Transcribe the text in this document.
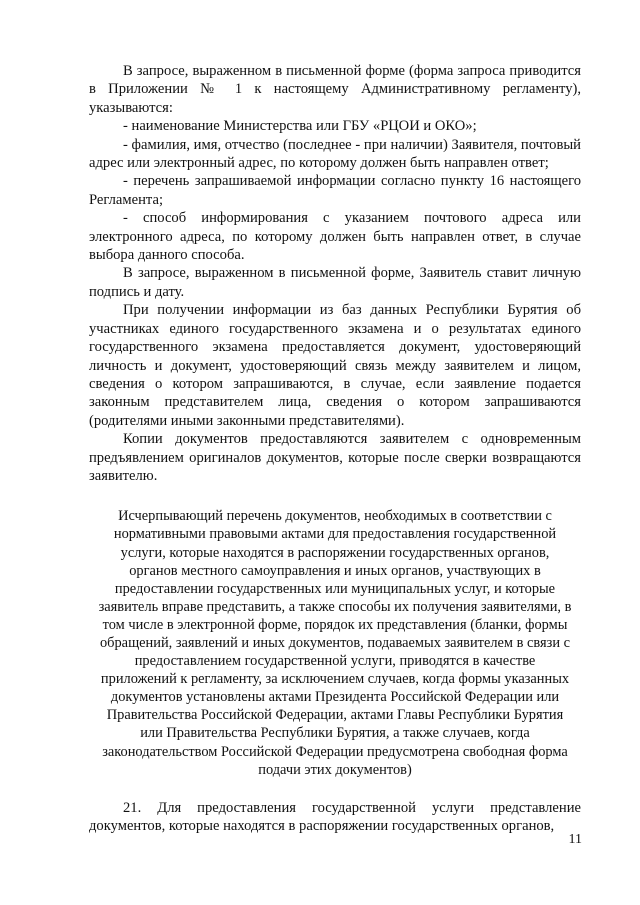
В запросе, выраженном в письменной форме (форма запроса приводится в Приложении № 1 к настоящему Административному регламенту), указываются:

- наименование Министерства или ГБУ «РЦОИ и ОКО»;

- фамилия, имя, отчество (последнее - при наличии) Заявителя, почтовый адрес или электронный адрес, по которому должен быть направлен ответ;

- перечень запрашиваемой информации согласно пункту 16 настоящего Регламента;

- способ информирования с указанием почтового адреса или электронного адреса, по которому должен быть направлен ответ, в случае выбора данного способа.

В запросе, выраженном в письменной форме, Заявитель ставит личную подпись и дату.

При получении информации из баз данных Республики Бурятия об участниках единого государственного экзамена и о результатах единого государственного экзамена предоставляется документ, удостоверяющий личность и документ, удостоверяющий связь между заявителем и лицом, сведения о котором запрашиваются, в случае, если заявление подается законным представителем лица, сведения о котором запрашиваются (родителями иными законными представителями).

Копии документов предоставляются заявителем с одновременным предъявлением оригиналов документов, которые после сверки возвращаются заявителю.

Исчерпывающий перечень документов, необходимых в соответствии с
нормативными правовыми актами для предоставления государственной
услуги, которые находятся в распоряжении государственных органов,
органов местного самоуправления и иных органов, участвующих в
предоставлении государственных или муниципальных услуг, и которые
заявитель вправе представить, а также способы их получения заявителями, в
том числе в электронной форме, порядок их представления (бланки, формы
обращений, заявлений и иных документов, подаваемых заявителем в связи с
предоставлением государственной услуги, приводятся в качестве
приложений к регламенту, за исключением случаев, когда формы указанных
документов установлены актами Президента Российской Федерации или
Правительства Российской Федерации, актами Главы Республики Бурятия
или Правительства Республики Бурятия, а также случаев, когда
законодательством Российской Федерации предусмотрена свободная форма
подачи этих документов)

21. Для предоставления государственной услуги представление документов, которые находятся в распоряжении государственных органов,

11
